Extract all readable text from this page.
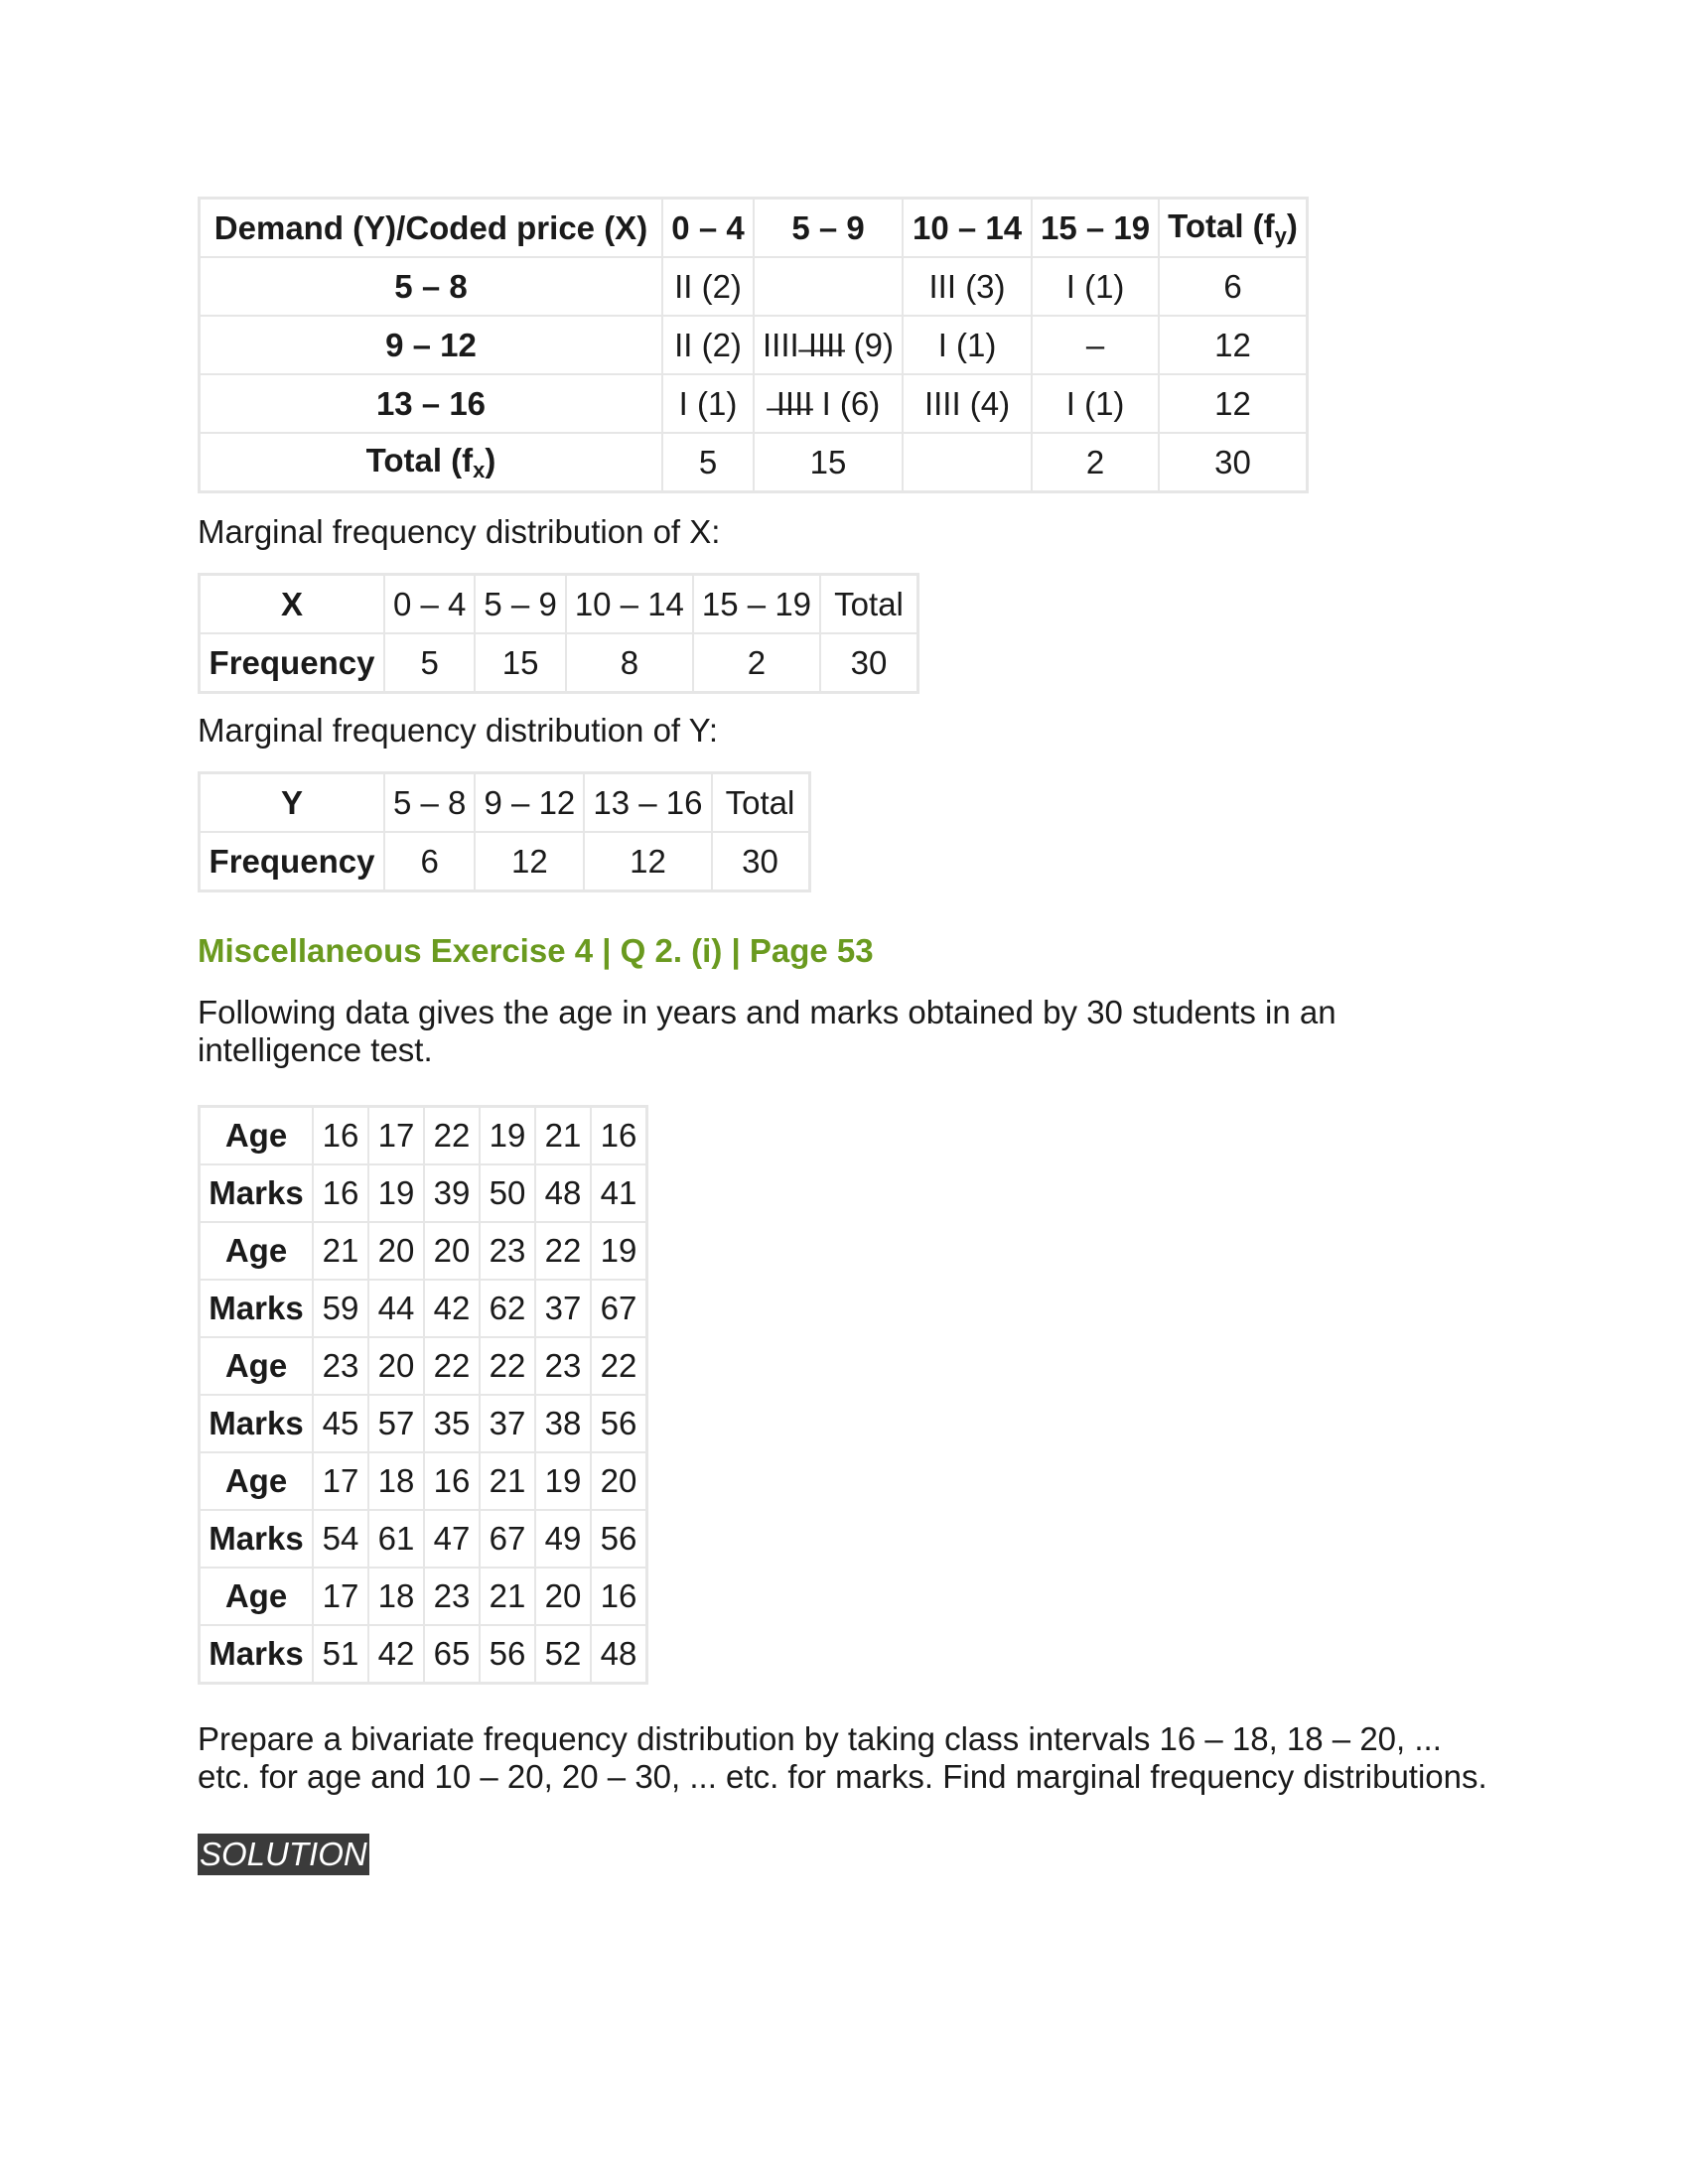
Demand (Y)/Coded price (X)	0 – 4	5 – 9	10 – 14	15 – 19	Total $(f_y)$
5 – 8	II (2)		III (3)	I (1)	6
9 – 12	II (2)	IIII ̶I̶I̶I̶I (9)	I (1)	–	12
13 – 16	I (1)	̶I̶I̶I̶I I (6)	IIII (4)	I (1)	12
Total $(f_x)$	5	15		2	30
Marginal frequency distribution of X:
X	0 – 4	5 – 9	10 – 14	15 – 19	Total
Frequency	5	15	8	2	30
Marginal frequency distribution of Y:
Y	5 – 8	9 – 12	13 – 16	Total
Frequency	6	12	12	30
Miscellaneous Exercise 4 | Q 2. (i) | Page 53
Following data gives the age in years and marks obtained by 30 students in an intelligence test.
Age	16	17	22	19	21	16
Marks	16	19	39	50	48	41
Age	21	20	20	23	22	19
Marks	59	44	42	62	37	67
Age	23	20	22	22	23	22
Marks	45	57	35	37	38	56
Age	17	18	16	21	19	20
Marks	54	61	47	67	49	56
Age	17	18	23	21	20	16
Marks	51	42	65	56	52	48
Prepare a bivariate frequency distribution by taking class intervals 16 – 18, 18 – 20, ... etc. for age and 10 – 20, 20 – 30, ... etc. for marks. Find marginal frequency distributions.
SOLUTION
